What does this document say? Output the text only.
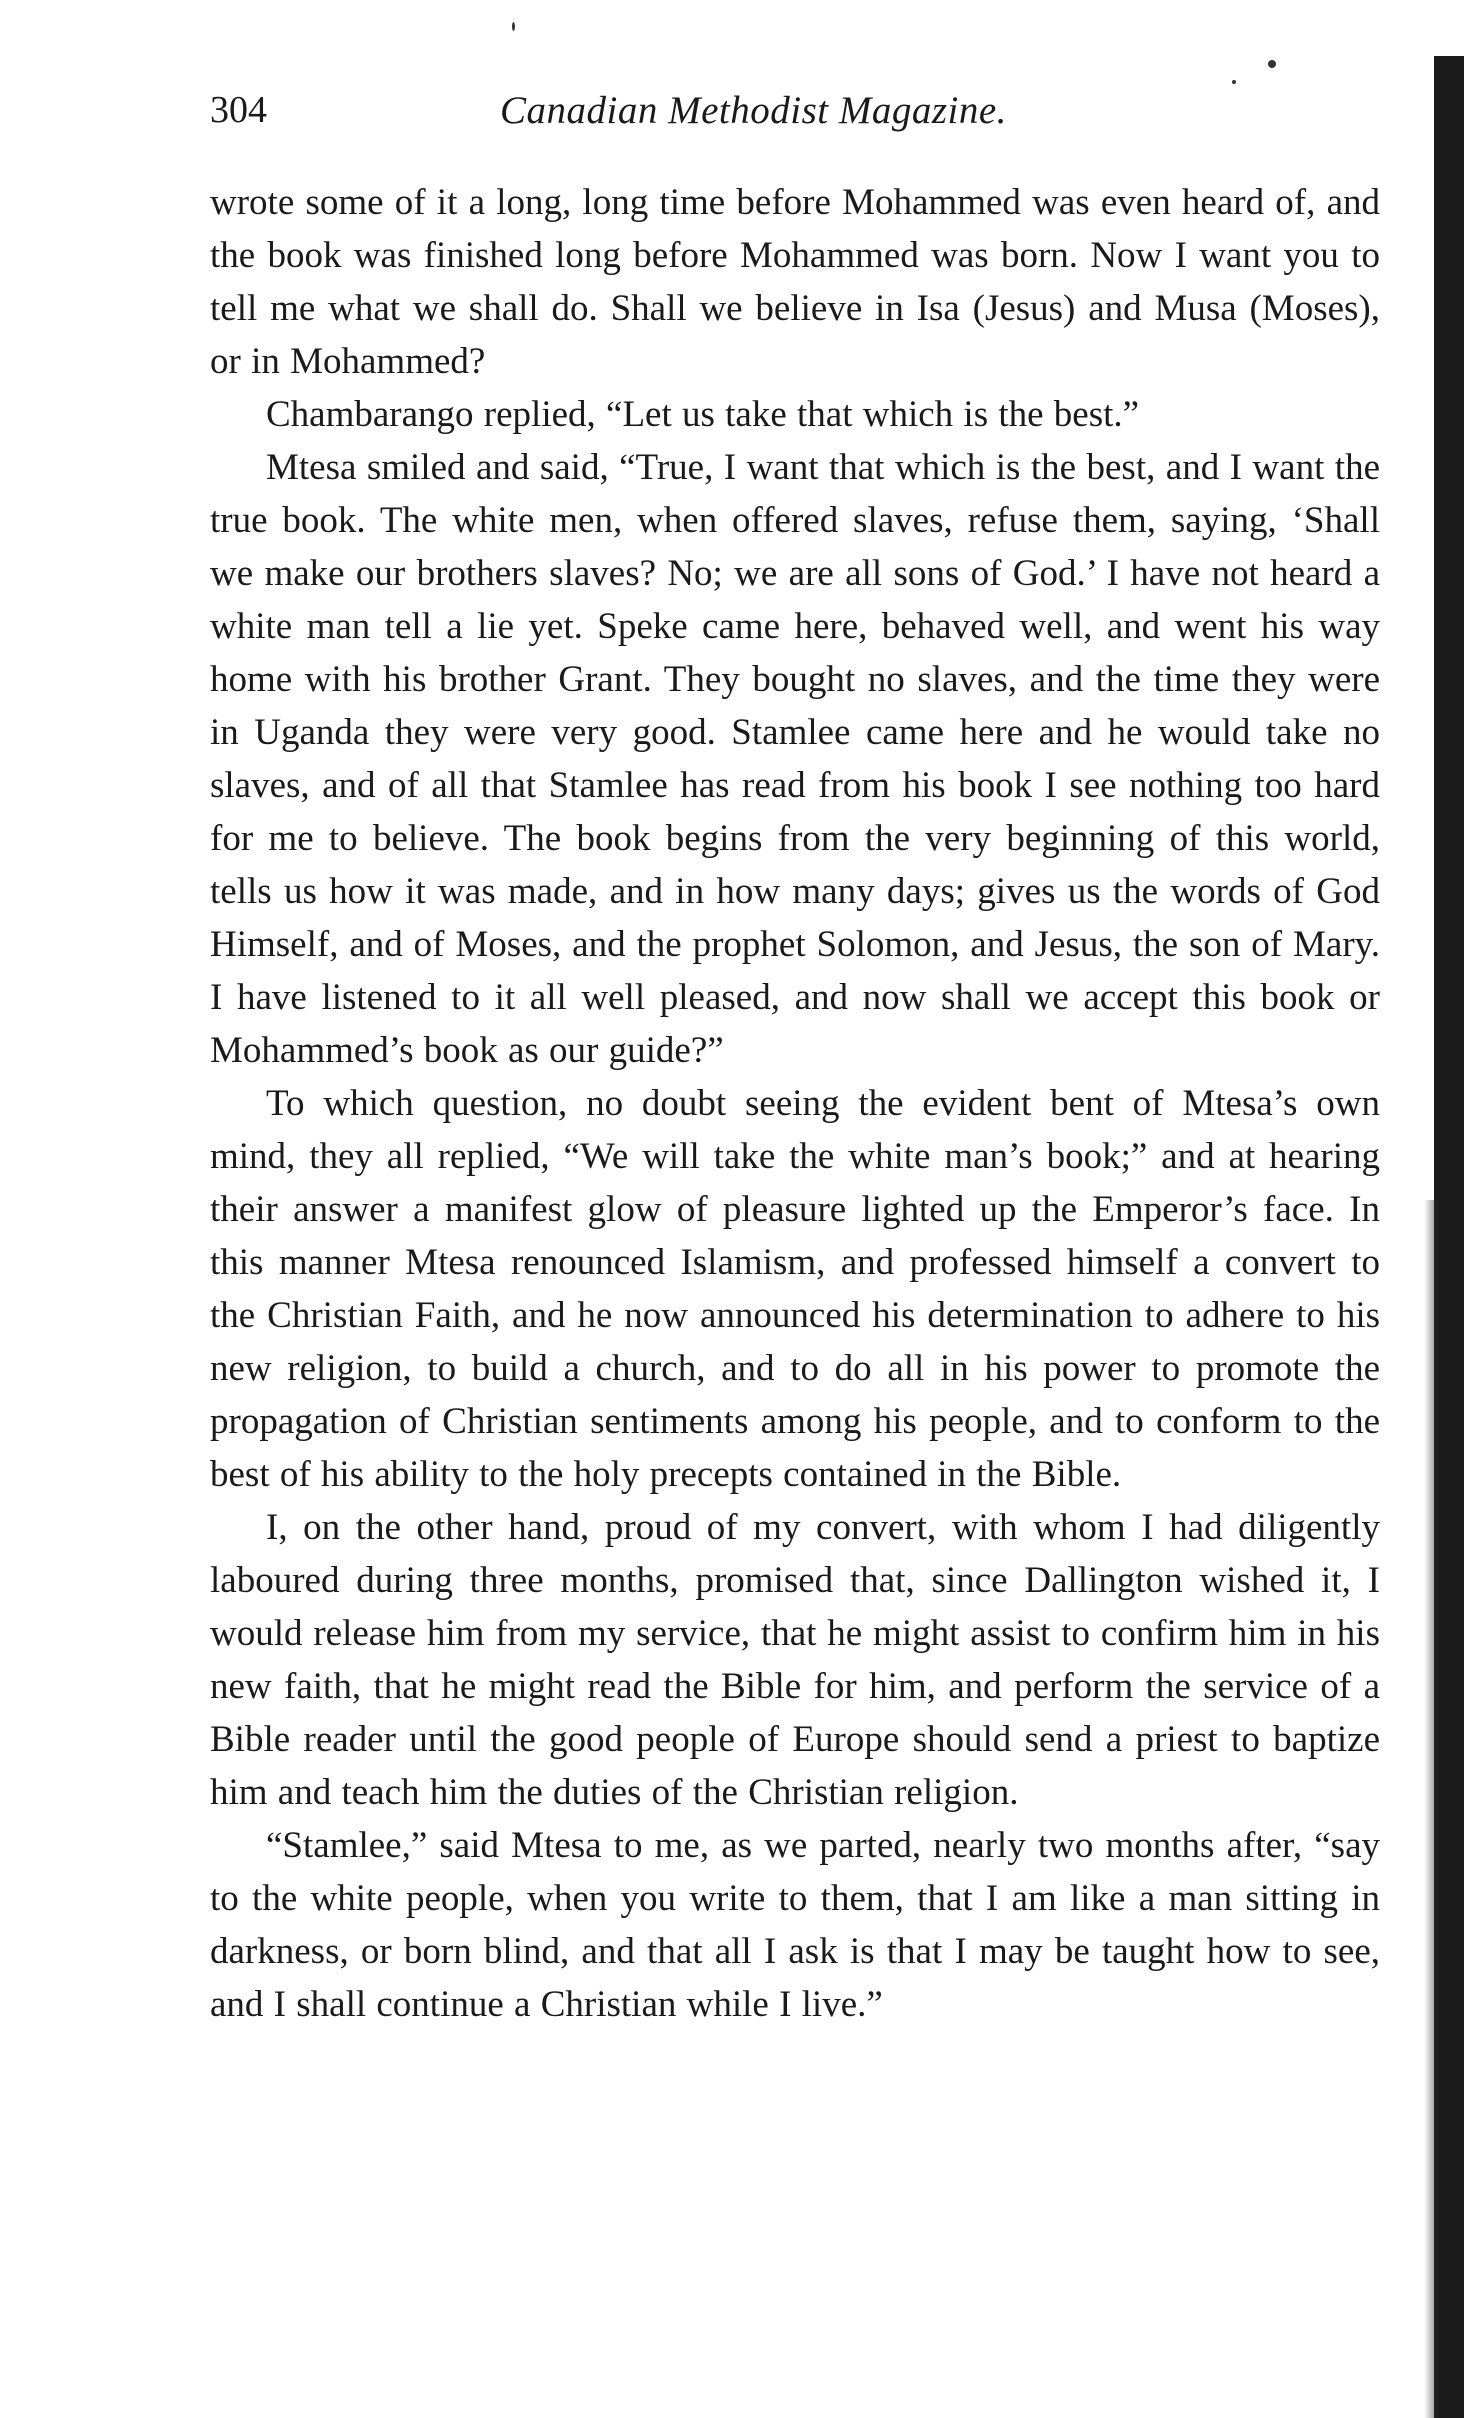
304	Canadian Methodist Magazine.

wrote some of it a long, long time before Mohammed was even heard of, and the book was finished long before Mohammed was born. Now I want you to tell me what we shall do. Shall we believe in Isa (Jesus) and Musa (Moses), or in Mohammed?

Chambarango replied, “Let us take that which is the best.”

Mtesa smiled and said, “True, I want that which is the best, and I want the true book. The white men, when offered slaves, refuse them, saying, ‘Shall we make our brothers slaves? No; we are all sons of God.’ I have not heard a white man tell a lie yet. Speke came here, behaved well, and went his way home with his brother Grant. They bought no slaves, and the time they were in Uganda they were very good. Stamlee came here and he would take no slaves, and of all that Stamlee has read from his book I see nothing too hard for me to believe. The book begins from the very beginning of this world, tells us how it was made, and in how many days; gives us the words of God Himself, and of Moses, and the prophet Solomon, and Jesus, the son of Mary. I have listened to it all well pleased, and now shall we accept this book or Mohammed’s book as our guide?”

To which question, no doubt seeing the evident bent of Mtesa’s own mind, they all replied, “We will take the white man’s book;” and at hearing their answer a manifest glow of pleasure lighted up the Emperor’s face. In this manner Mtesa renounced Islamism, and professed himself a convert to the Christian Faith, and he now announced his determination to adhere to his new religion, to build a church, and to do all in his power to promote the propagation of Christian sentiments among his people, and to conform to the best of his ability to the holy precepts contained in the Bible.

I, on the other hand, proud of my convert, with whom I had diligently laboured during three months, promised that, since Dallington wished it, I would release him from my service, that he might assist to confirm him in his new faith, that he might read the Bible for him, and perform the service of a Bible reader until the good people of Europe should send a priest to baptize him and teach him the duties of the Christian religion.

“Stamlee,” said Mtesa to me, as we parted, nearly two months after, “say to the white people, when you write to them, that I am like a man sitting in darkness, or born blind, and that all I ask is that I may be taught how to see, and I shall continue a Christian while I live.”
